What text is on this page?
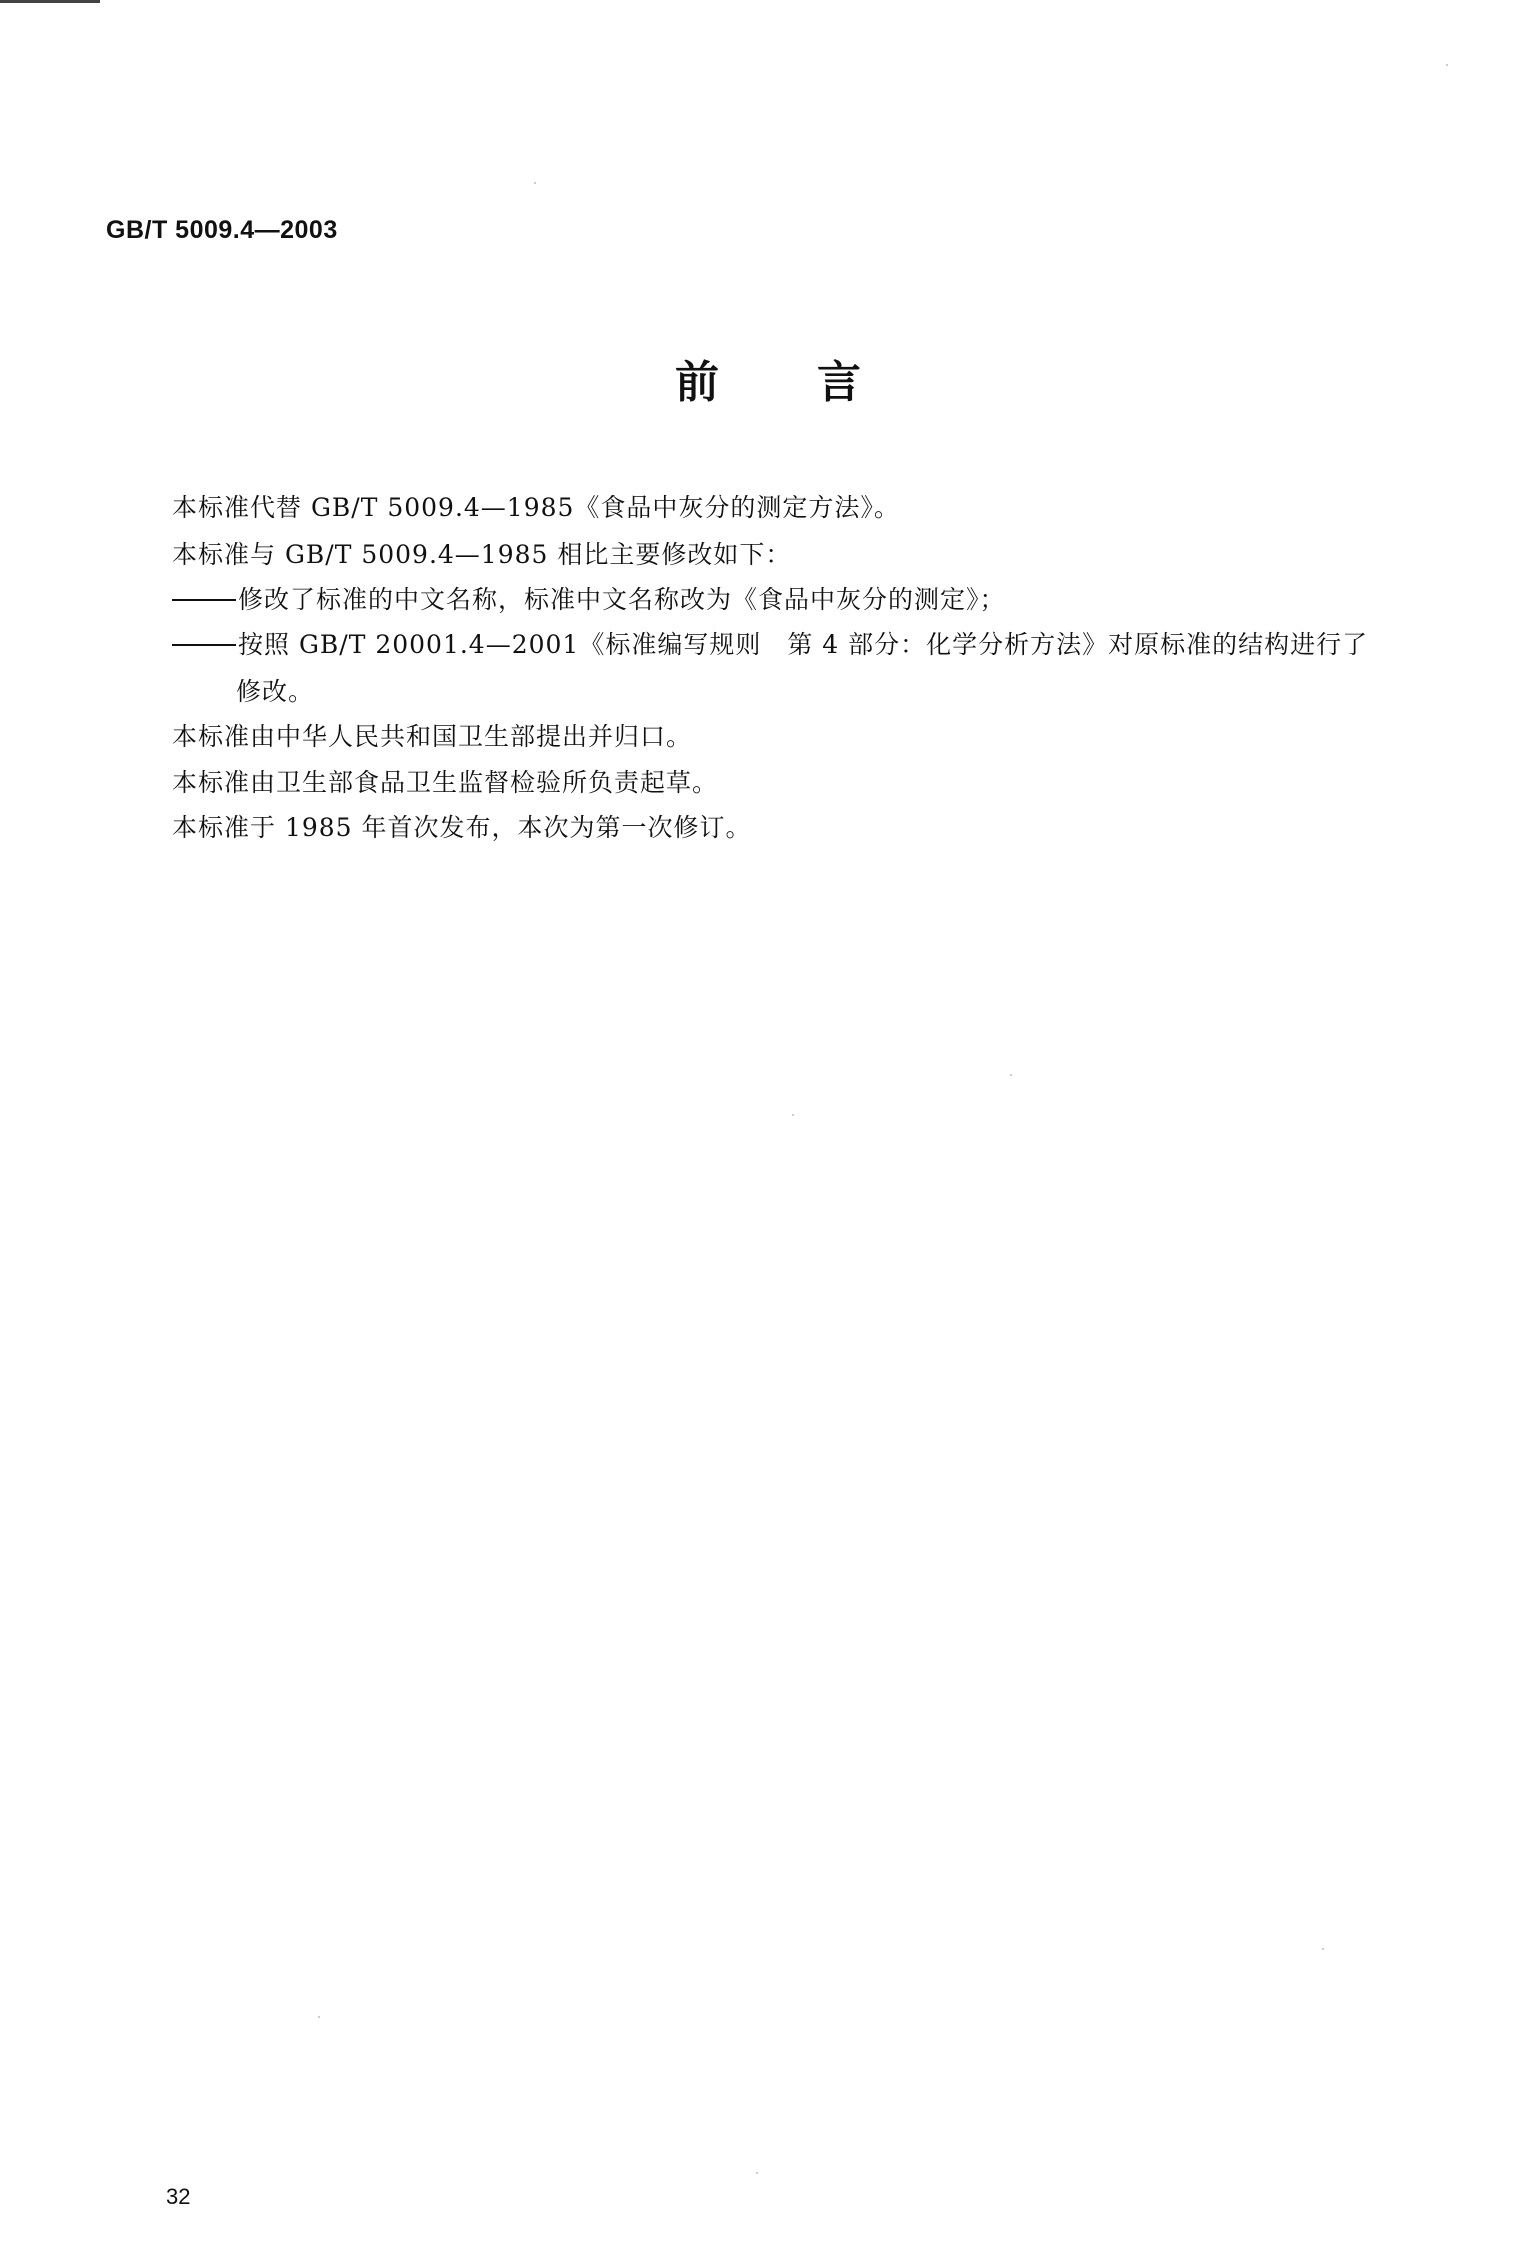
GB/T 5009.4—2003
前 言
本标准代替 GB/T 5009.4—1985《食品中灰分的测定方法》。
本标准与 GB/T 5009.4—1985 相比主要修改如下：
修改了标准的中文名称，标准中文名称改为《食品中灰分的测定》；
按照 GB/T 20001.4—2001《标准编写规则　第 4 部分：化学分析方法》对原标准的结构进行了
修改。
本标准由中华人民共和国卫生部提出并归口。
本标准由卫生部食品卫生监督检验所负责起草。
本标准于 1985 年首次发布，本次为第一次修订。
32
